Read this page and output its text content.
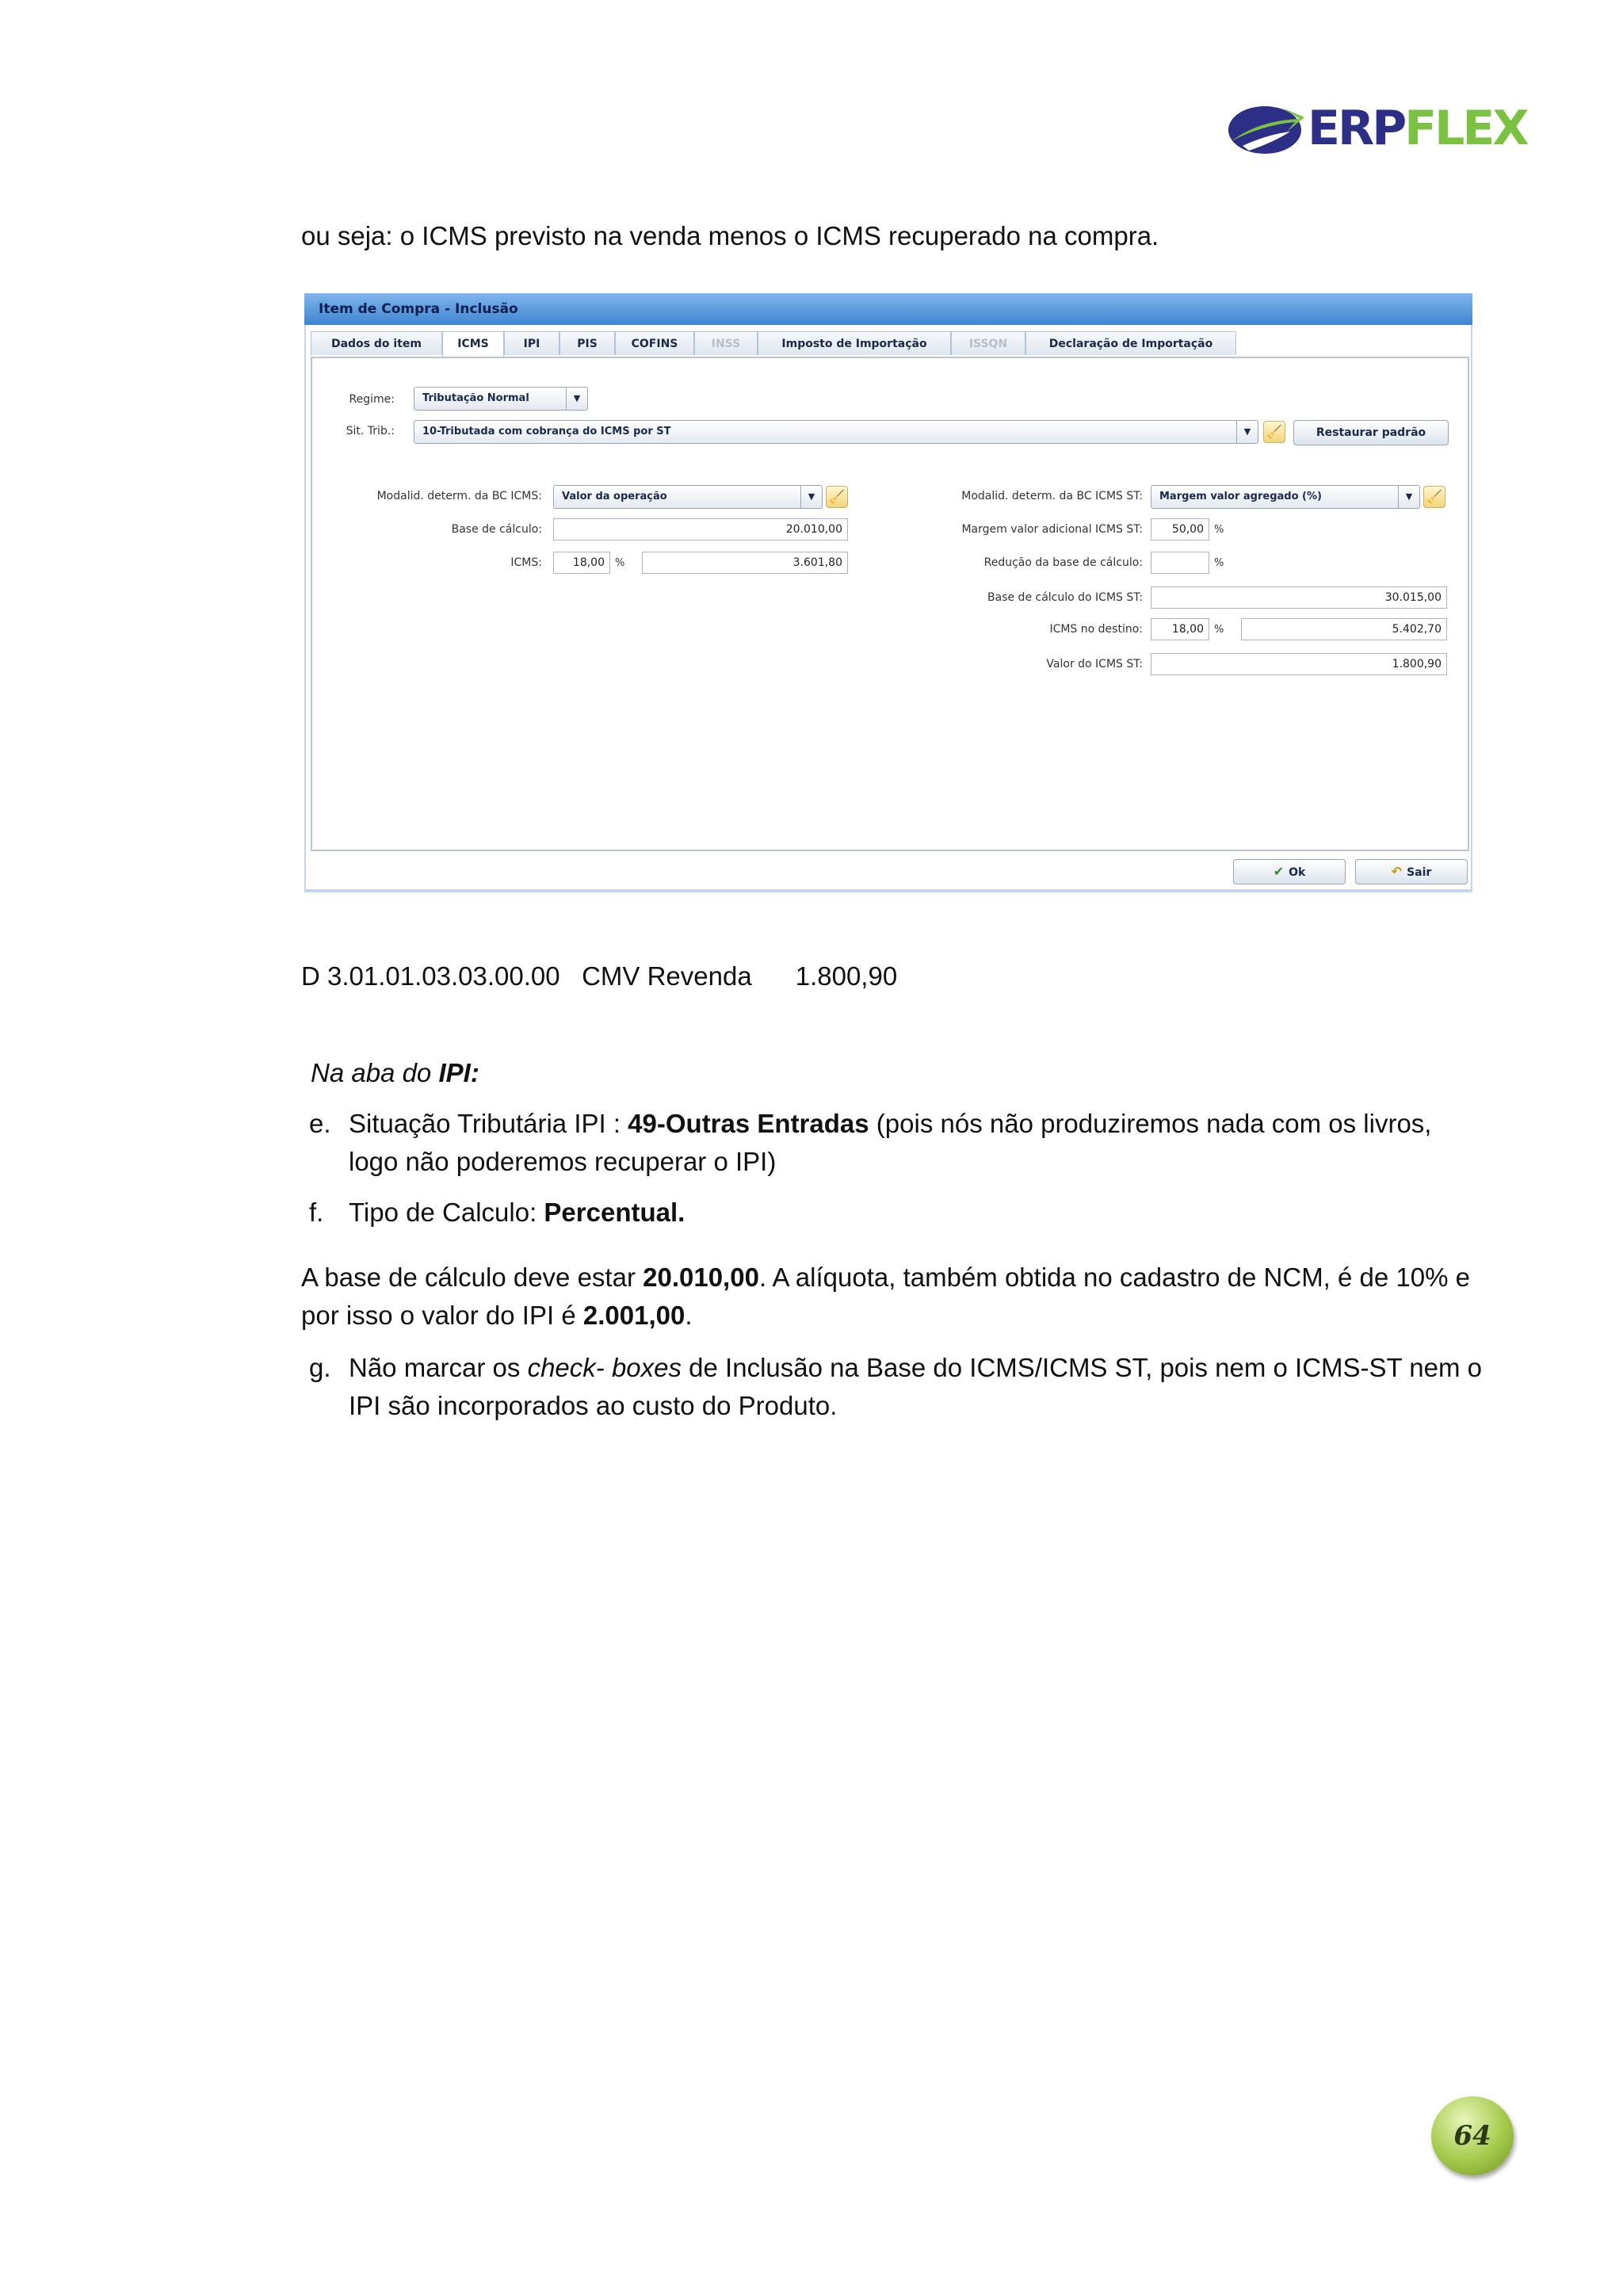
ERPFLEX

ou seja: o ICMS previsto na venda menos o ICMS recuperado na compra.

Item de Compra - Inclusão
Dados do item	ICMS	IPI	PIS	COFINS	INSS	Imposto de Importação	ISSQN	Declaração de Importação
Regime:	Tributação Normal	▼
Sit. Trib.:	10-Tributada com cobrança do ICMS por ST	▼	🧹	Restaurar padrão
Modalid. determ. da BC ICMS:	Valor da operação	▼	🧹
Base de cálculo:	20.010,00
ICMS:	18,00	%	3.601,80
Modalid. determ. da BC ICMS ST:	Margem valor agregado (%)	▼	🧹
Margem valor adicional ICMS ST:	50,00	%
Redução da base de cálculo:	%
Base de cálculo do ICMS ST:	30.015,00
ICMS no destino:	18,00	%	5.402,70
Valor do ICMS ST:	1.800,90
✔ Ok	↶ Sair

D 3.01.01.03.03.00.00   CMV Revenda      1.800,90

Na aba do IPI:

e. Situação Tributária IPI : 49-Outras Entradas (pois nós não produziremos nada com os livros, logo não poderemos recuperar o IPI)
f. Tipo de Calculo: Percentual.

A base de cálculo deve estar 20.010,00. A alíquota, também obtida no cadastro de NCM, é de 10% e por isso o valor do IPI é 2.001,00.

g. Não marcar os check- boxes de Inclusão na Base do ICMS/ICMS ST, pois nem o ICMS-ST nem o IPI são incorporados ao custo do Produto.
64
